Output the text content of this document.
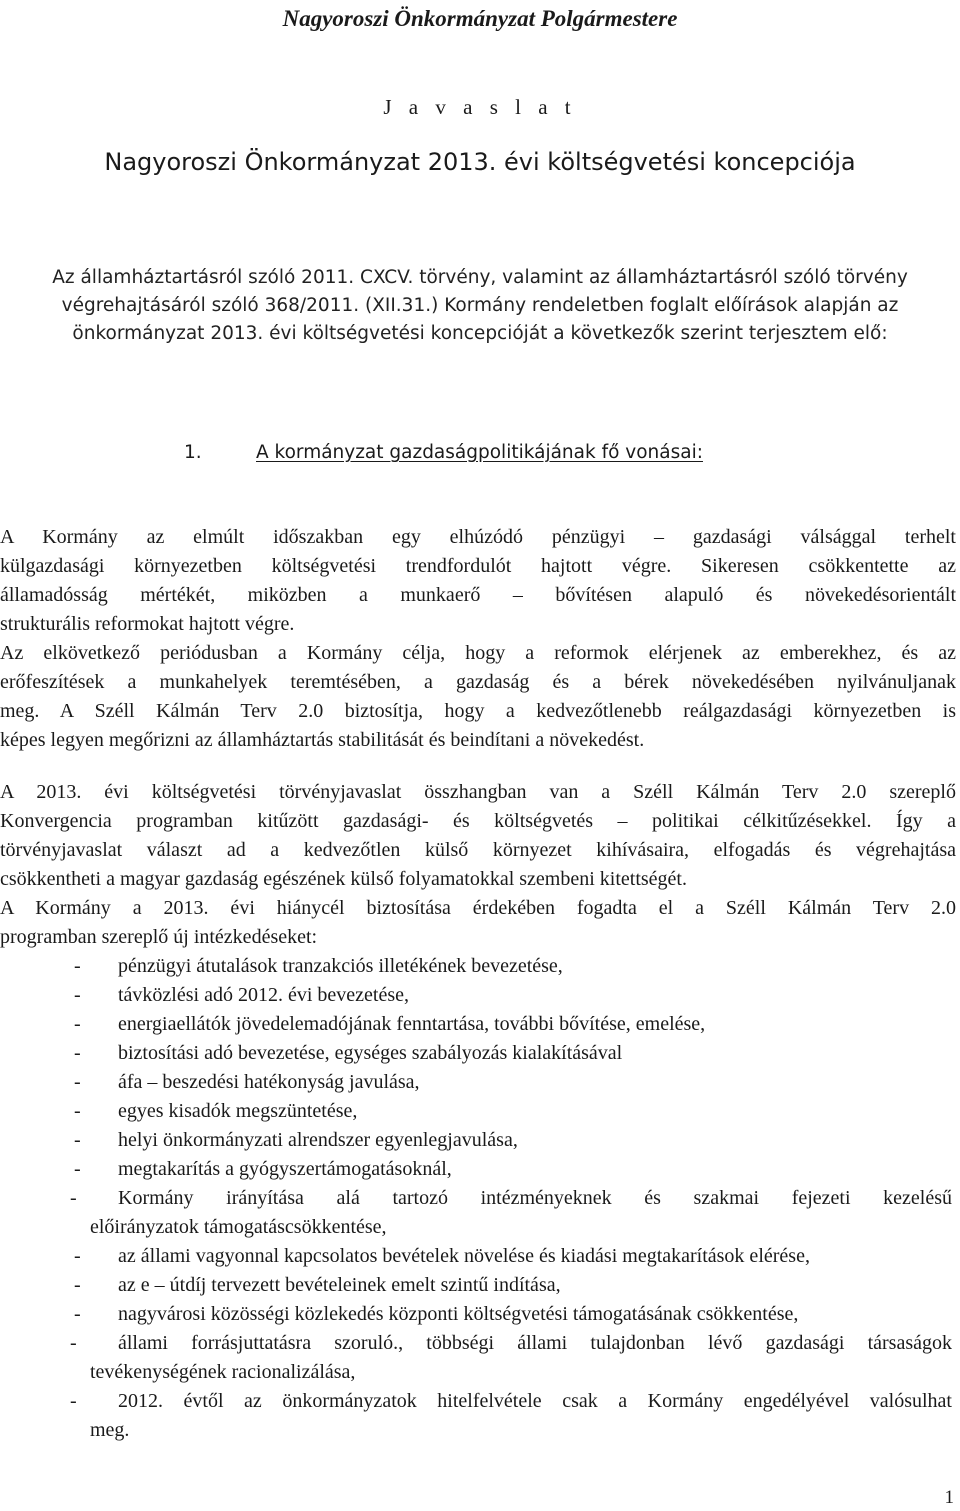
Nagyoroszi Önkormányzat Polgármestere
J a v a s l a t
Nagyoroszi Önkormányzat 2013. évi költségvetési koncepciója
Az államháztartásról szóló 2011. CXCV. törvény, valamint az államháztartásról szóló törvény
végrehajtásáról szóló 368/2011. (XII.31.) Kormány rendeletben foglalt előírások alapján az
önkormányzat 2013. évi költségvetési koncepcióját a következők szerint terjesztem elő:
1.	A kormányzat gazdaságpolitikájának fő vonásai:
A Kormány az elmúlt időszakban egy elhúzódó pénzügyi – gazdasági válsággal terhelt
külgazdasági környezetben költségvetési trendfordulót hajtott végre. Sikeresen csökkentette az
államadósság mértékét, miközben a munkaerő – bővítésen alapuló és növekedésorientált
strukturális reformokat hajtott végre.
Az elkövetkező periódusban a Kormány célja, hogy a reformok elérjenek az emberekhez, és az
erőfeszítések a munkahelyek teremtésében, a gazdaság és a bérek növekedésében nyilvánuljanak
meg. A Széll Kálmán Terv 2.0 biztosítja, hogy a kedvezőtlenebb reálgazdasági környezetben is
képes legyen megőrizni az államháztartás stabilitását és beindítani a növekedést.
A 2013. évi költségvetési törvényjavaslat összhangban van a Széll Kálmán Terv 2.0 szereplő
Konvergencia programban kitűzött gazdasági- és költségvetés – politikai célkitűzésekkel. Így a
törvényjavaslat választ ad a kedvezőtlen külső környezet kihívásaira, elfogadás és végrehajtása
csökkentheti a magyar gazdaság egészének külső folyamatokkal szembeni kitettségét.
A Kormány a 2013. évi hiánycél biztosítása érdekében fogadta el a Széll Kálmán Terv 2.0
programban szereplő új intézkedéseket:
- pénzügyi átutalások tranzakciós illetékének bevezetése,
- távközlési adó 2012. évi bevezetése,
- energiaellátók jövedelemadójának fenntartása, további bővítése, emelése,
- biztosítási adó bevezetése, egységes szabályozás kialakításával
- áfa – beszedési hatékonyság javulása,
- egyes kisadók megszüntetése,
- helyi önkormányzati alrendszer egyenlegjavulása,
- megtakarítás a gyógyszertámogatásoknál,
- Kormány irányítása alá tartozó intézményeknek és szakmai fejezeti kezelésű
előirányzatok támogatáscsökkentése,
- az állami vagyonnal kapcsolatos bevételek növelése és kiadási megtakarítások elérése,
- az e – útdíj tervezett bevételeinek emelt szintű indítása,
- nagyvárosi közösségi közlekedés központi költségvetési támogatásának csökkentése,
- állami forrásjuttatásra szoruló., többségi állami tulajdonban lévő gazdasági társaságok
tevékenységének racionalizálása,
- 2012. évtől az önkormányzatok hitelfelvétele csak a Kormány engedélyével valósulhat
meg.
1
